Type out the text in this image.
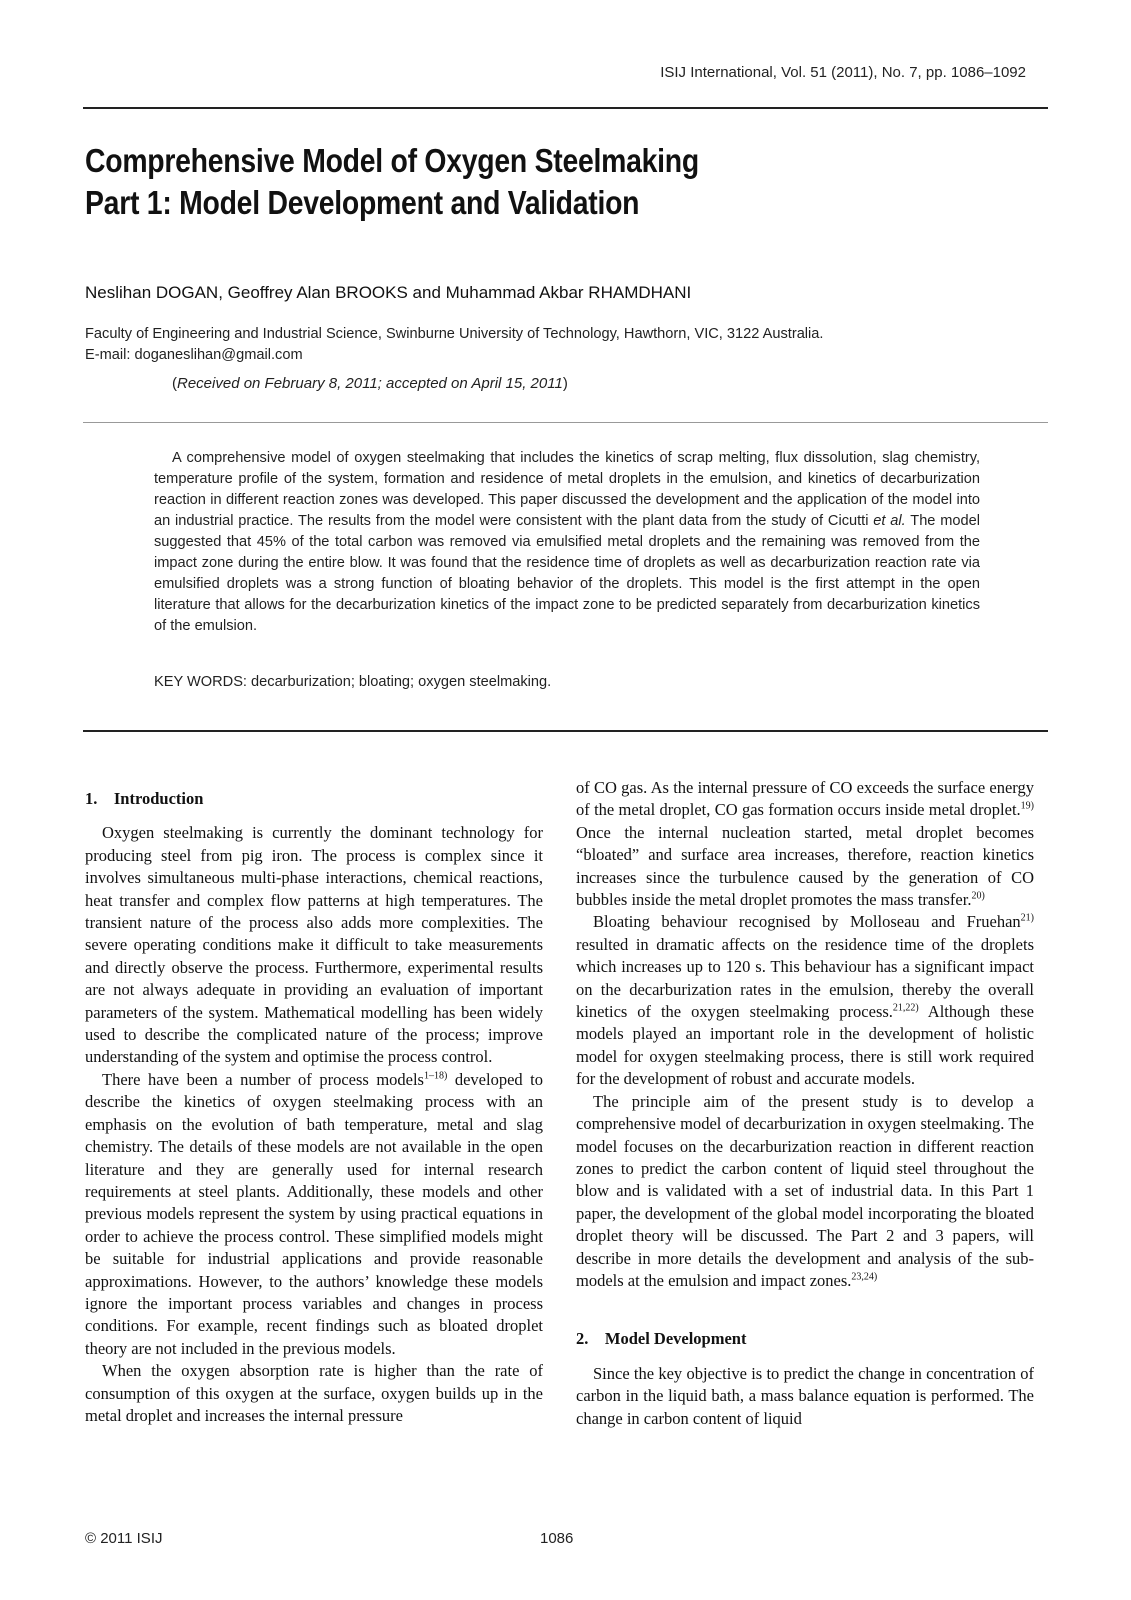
ISIJ International, Vol. 51 (2011), No. 7, pp. 1086–1092
Comprehensive Model of Oxygen Steelmaking
Part 1: Model Development and Validation
Neslihan DOGAN, Geoffrey Alan BROOKS and Muhammad Akbar RHAMDHANI
Faculty of Engineering and Industrial Science, Swinburne University of Technology, Hawthorn, VIC, 3122 Australia.
E-mail: doganeslihan@gmail.com
(Received on February 8, 2011; accepted on April 15, 2011)

A comprehensive model of oxygen steelmaking that includes the kinetics of scrap melting, flux dissolution, slag chemistry, temperature profile of the system, formation and residence of metal droplets in the emulsion, and kinetics of decarburization reaction in different reaction zones was developed. This paper discussed the development and the application of the model into an industrial practice. The results from the model were consistent with the plant data from the study of Cicutti et al. The model suggested that 45% of the total carbon was removed via emulsified metal droplets and the remaining was removed from the impact zone during the entire blow. It was found that the residence time of droplets as well as decarburization reaction rate via emulsified droplets was a strong function of bloating behavior of the droplets. This model is the first attempt in the open literature that allows for the decarburization kinetics of the impact zone to be predicted separately from decarburization kinetics of the emulsion.

KEY WORDS: decarburization; bloating; oxygen steelmaking.
1. Introduction

Oxygen steelmaking is currently the dominant technology for producing steel from pig iron. The process is complex since it involves simultaneous multi-phase interactions, chemical reactions, heat transfer and complex flow patterns at high temperatures. The transient nature of the process also adds more complexities. The severe operating conditions make it difficult to take measurements and directly observe the process. Furthermore, experimental results are not always adequate in providing an evaluation of important parameters of the system. Mathematical modelling has been widely used to describe the complicated nature of the process; improve understanding of the system and optimise the process control.

There have been a number of process models$^{1-18)}$ developed to describe the kinetics of oxygen steelmaking process with an emphasis on the evolution of bath temperature, metal and slag chemistry. The details of these models are not available in the open literature and they are generally used for internal research requirements at steel plants. Additionally, these models and other previous models represent the system by using practical equations in order to achieve the process control. These simplified models might be suitable for industrial applications and provide reasonable approximations. However, to the authors’ knowledge these models ignore the important process variables and changes in process conditions. For example, recent findings such as bloated droplet theory are not included in the previous models.

When the oxygen absorption rate is higher than the rate of consumption of this oxygen at the surface, oxygen builds up in the metal droplet and increases the internal pressure

of CO gas. As the internal pressure of CO exceeds the surface energy of the metal droplet, CO gas formation occurs inside metal droplet.$^{19)}$ Once the internal nucleation started, metal droplet becomes “bloated” and surface area increases, therefore, reaction kinetics increases since the turbulence caused by the generation of CO bubbles inside the metal droplet promotes the mass transfer.$^{20)}$

Bloating behaviour recognised by Molloseau and Fruehan$^{21)}$ resulted in dramatic affects on the residence time of the droplets which increases up to 120 s. This behaviour has a significant impact on the decarburization rates in the emulsion, thereby the overall kinetics of the oxygen steelmaking process.$^{21,22)}$ Although these models played an important role in the development of holistic model for oxygen steelmaking process, there is still work required for the development of robust and accurate models.

The principle aim of the present study is to develop a comprehensive model of decarburization in oxygen steelmaking. The model focuses on the decarburization reaction in different reaction zones to predict the carbon content of liquid steel throughout the blow and is validated with a set of industrial data. In this Part 1 paper, the development of the global model incorporating the bloated droplet theory will be discussed. The Part 2 and 3 papers, will describe in more details the development and analysis of the sub-models at the emulsion and impact zones.$^{23,24)}$

2. Model Development

Since the key objective is to predict the change in concentration of carbon in the liquid bath, a mass balance equation is performed. The change in carbon content of liquid

© 2011 ISIJ	1086
